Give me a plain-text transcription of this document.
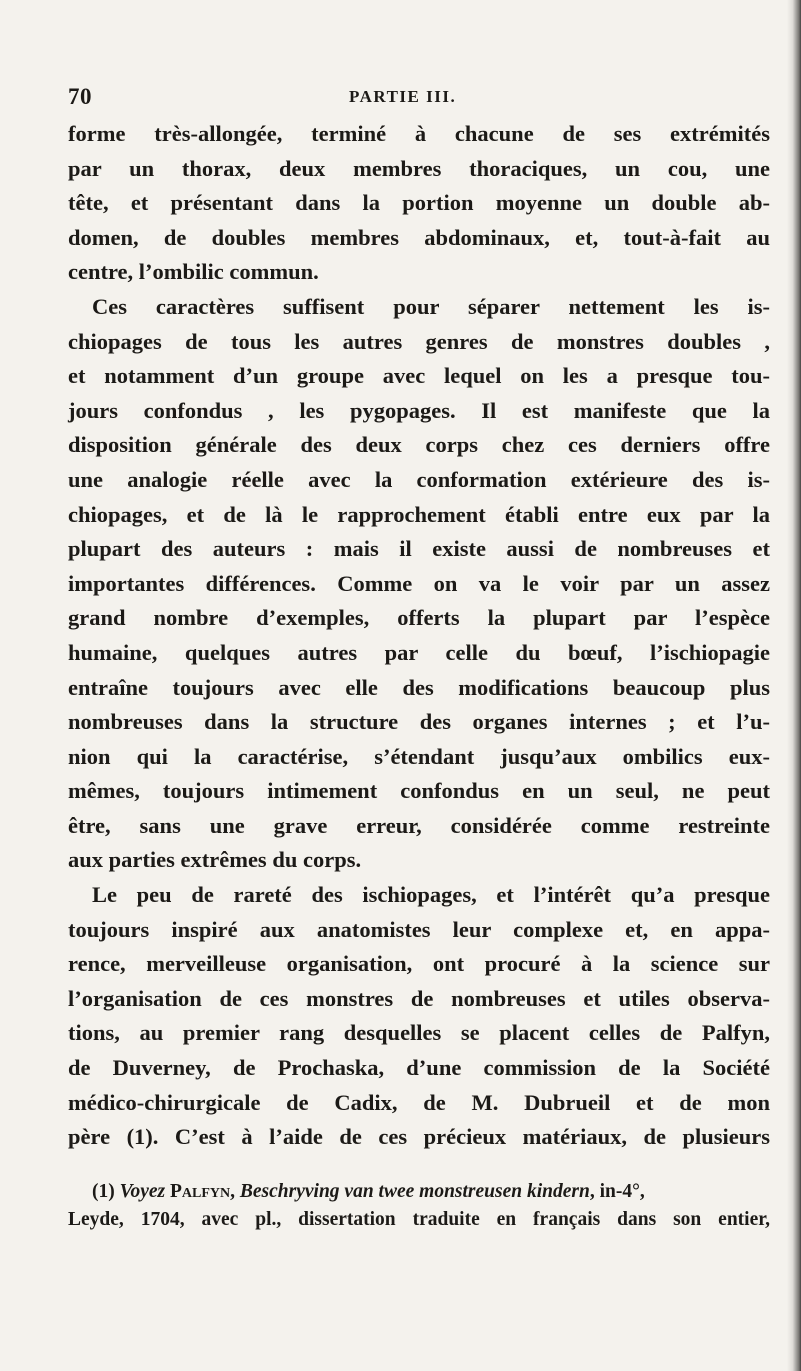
70	PARTIE III.
forme très-allongée, terminé à chacune de ses extrémités
par un thorax, deux membres thoraciques, un cou, une
tête, et présentant dans la portion moyenne un double ab-
domen, de doubles membres abdominaux, et, tout-à-fait au
centre, l’ombilic commun.
Ces caractères suffisent pour séparer nettement les is-
chiopages de tous les autres genres de monstres doubles ,
et notamment d’un groupe avec lequel on les a presque tou-
jours confondus , les pygopages. Il est manifeste que la
disposition générale des deux corps chez ces derniers offre
une analogie réelle avec la conformation extérieure des is-
chiopages, et de là le rapprochement établi entre eux par la
plupart des auteurs : mais il existe aussi de nombreuses et
importantes différences. Comme on va le voir par un assez
grand nombre d’exemples, offerts la plupart par l’espèce
humaine, quelques autres par celle du bœuf, l’ischiopagie
entraîne toujours avec elle des modifications beaucoup plus
nombreuses dans la structure des organes internes ; et l’u-
nion qui la caractérise, s’étendant jusqu’aux ombilics eux-
mêmes, toujours intimement confondus en un seul, ne peut
être, sans une grave erreur, considérée comme restreinte
aux parties extrêmes du corps.
Le peu de rareté des ischiopages, et l’intérêt qu’a presque
toujours inspiré aux anatomistes leur complexe et, en appa-
rence, merveilleuse organisation, ont procuré à la science sur
l’organisation de ces monstres de nombreuses et utiles observa-
tions, au premier rang desquelles se placent celles de Palfyn,
de Duverney, de Prochaska, d’une commission de la Société
médico-chirurgicale de Cadix, de M. Dubrueil et de mon
père (1). C’est à l’aide de ces précieux matériaux, de plusieurs
(1) Voyez Palfyn, Beschryving van twee monstreusen kindern, in-4°,
Leyde, 1704, avec pl., dissertation traduite en français dans son entier,
